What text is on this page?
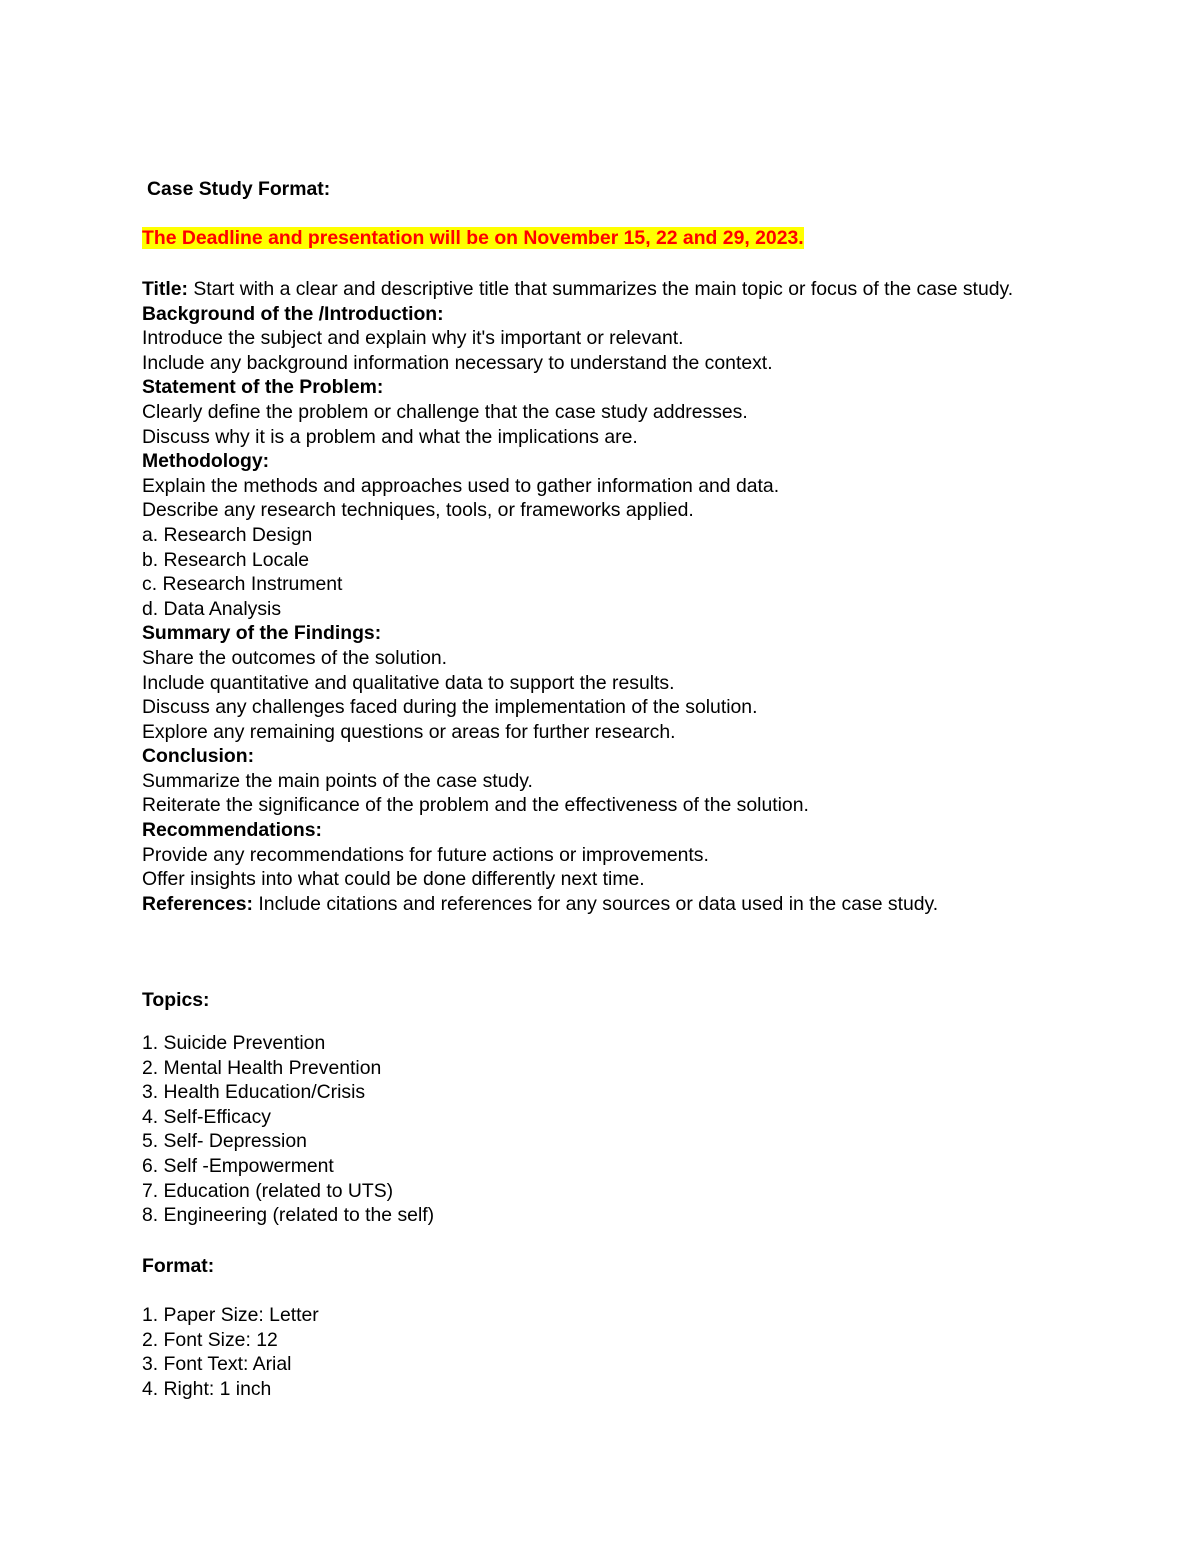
Case Study Format:
The Deadline and presentation will be on November 15, 22 and 29, 2023.
Title: Start with a clear and descriptive title that summarizes the main topic or focus of the case study.
Background of the /Introduction:
Introduce the subject and explain why it's important or relevant.
Include any background information necessary to understand the context.
Statement of the Problem:
Clearly define the problem or challenge that the case study addresses.
Discuss why it is a problem and what the implications are.
Methodology:
Explain the methods and approaches used to gather information and data.
Describe any research techniques, tools, or frameworks applied.
a. Research Design
b. Research Locale
c. Research Instrument
d. Data Analysis
Summary of the Findings:
Share the outcomes of the solution.
Include quantitative and qualitative data to support the results.
Discuss any challenges faced during the implementation of the solution.
Explore any remaining questions or areas for further research.
Conclusion:
Summarize the main points of the case study.
Reiterate the significance of the problem and the effectiveness of the solution.
Recommendations:
Provide any recommendations for future actions or improvements.
Offer insights into what could be done differently next time.
References: Include citations and references for any sources or data used in the case study.
Topics:
1. Suicide Prevention
2. Mental Health Prevention
3. Health Education/Crisis
4. Self-Efficacy
5. Self- Depression
6. Self -Empowerment
7. Education (related to UTS)
8. Engineering (related to the self)
Format:
1. Paper Size: Letter
2. Font Size: 12
3. Font Text: Arial
4. Right: 1 inch
